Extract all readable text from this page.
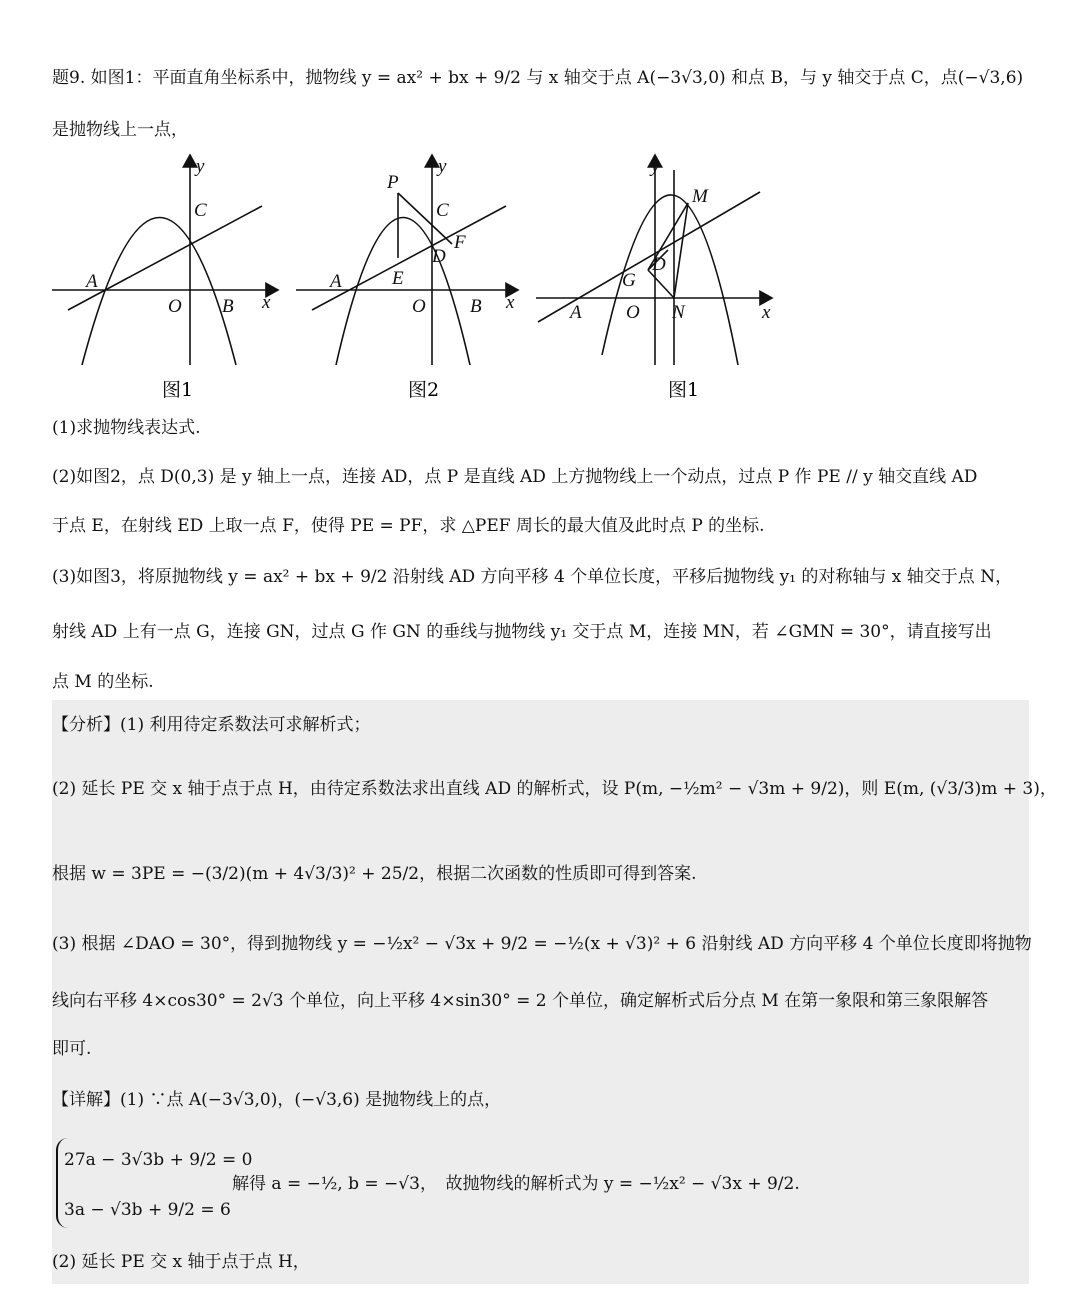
题9. 如图1：平面直角坐标系中，抛物线 y = ax² + bx + 9/2 与 x 轴交于点 A(−3√3,0) 和点 B，与 y 轴交于点 C，点(−√3,6)
是抛物线上一点，
y
C
A
O B x
图1
P
y
C
F
D
A	E
O B x
图2
y
M
D
G
A O N	x
图1
(1)求抛物线表达式.
(2)如图2，点 D(0,3) 是 y 轴上一点，连接 AD，点 P 是直线 AD 上方抛物线上一个动点，过点 P 作 PE // y 轴交直线 AD
于点 E，在射线 ED 上取一点 F，使得 PE = PF，求 △PEF 周长的最大值及此时点 P 的坐标.
(3)如图3，将原抛物线 y = ax² + bx + 9/2 沿射线 AD 方向平移 4 个单位长度，平移后抛物线 y₁ 的对称轴与 x 轴交于点 N，
射线 AD 上有一点 G，连接 GN，过点 G 作 GN 的垂线与抛物线 y₁ 交于点 M，连接 MN，若 ∠GMN = 30°，请直接写出
点 M 的坐标.
【分析】(1) 利用待定系数法可求解析式；
(2) 延长 PE 交 x 轴于点于点 H，由待定系数法求出直线 AD 的解析式，设 P(m, −½m² − √3m + 9/2)，则 E(m, (√3/3)m + 3)，
根据 w = 3PE = −(3/2)(m + 4√3/3)² + 25/2，根据二次函数的性质即可得到答案.
(3) 根据 ∠DAO = 30°，得到抛物线 y = −½x² − √3x + 9/2 = −½(x + √3)² + 6 沿射线 AD 方向平移 4 个单位长度即将抛物
线向右平移 4×cos30° = 2√3 个单位，向上平移 4×sin30° = 2 个单位，确定解析式后分点 M 在第一象限和第三象限解答
即可.
【详解】(1) ∵点 A(−3√3,0)，(−√3,6) 是抛物线上的点，
27a − 3√3b + 9/2 = 0
3a − √3b + 9/2 = 6
解得 a = −½, b = −√3，　故抛物线的解析式为 y = −½x² − √3x + 9/2.
(2) 延长 PE 交 x 轴于点于点 H，
